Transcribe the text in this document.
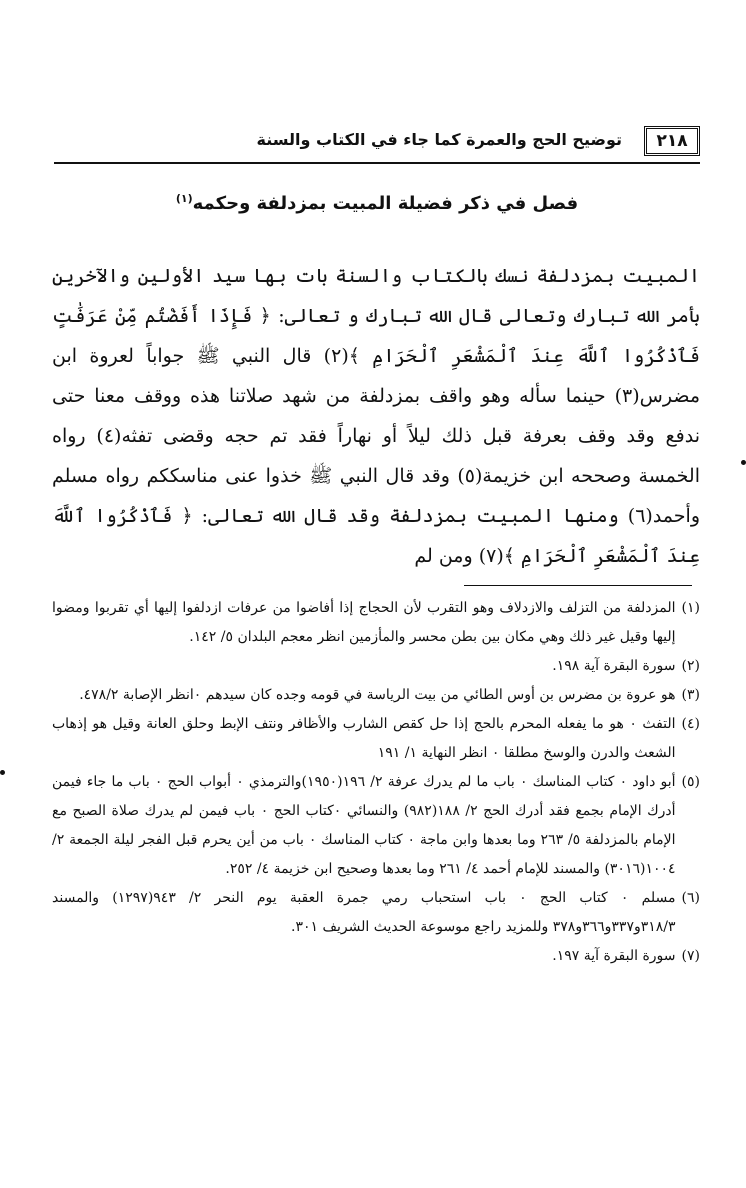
٢١٨
توضيح الحج والعمرة كما جاء في الكتاب والسنة
فصل في ذكر فضيلة المبيت بمزدلفة وحكمه$^{(١)}$

المبيت بمزدلفة نسك بالكتاب والسنة بات بها سيد الأولين والآخرين بأمر الله تبارك وتعالى قال الله تبارك و تعالى: ﴿ فَإِذَا أَفَضْتُم مِّنْ عَرَفَٰتٍ فَٱذْكُرُوا ٱللَّهَ عِندَ ٱلْمَشْعَرِ ٱلْحَرَامِ ﴾(٢) قال النبي ﷺ جواباً لعروة ابن مضرس(٣) حينما سأله وهو واقف بمزدلفة من شهد صلاتنا هذه ووقف معنا حتى ندفع وقد وقف بعرفة قبل ذلك ليلاً أو نهاراً فقد تم حجه وقضى تفثه(٤) رواه الخمسة وصححه ابن خزيمة(٥) وقد قال النبي ﷺ خذوا عنى مناسككم رواه مسلم وأحمد(٦) ومنها المبيت بمزدلفة وقد قال الله تعالى: ﴿ فَٱذْكُرُوا ٱللَّهَ عِندَ ٱلْمَشْعَرِ ٱلْحَرَامِ ﴾(٧) ومن لم

(١)
المزدلفة من التزلف والازدلاف وهو التقرب لأن الحجاج إذا أفاضوا من عرفات ازدلفوا إليها أي تقربوا ومضوا إليها وقيل غير ذلك وهي مكان بين بطن محسر والمأزمين انظر معجم البلدان ٥/ ١٤٢.
(٢)
سورة البقرة آية ١٩٨.
(٣)
هو عروة بن مضرس بن أوس الطائي من بيت الرياسة في قومه وجده كان سيدهم ٠انظر الإصابة ٤٧٨/٢.
(٤)
التفث ٠ هو ما يفعله المحرم بالحج إذا حل كقص الشارب والأظافر ونتف الإبط وحلق العانة وقيل هو إذهاب الشعث والدرن والوسخ مطلقا ٠ انظر النهاية ١/ ١٩١
(٥)
أبو داود ٠ كتاب المناسك ٠ باب ما لم يدرك عرفة ٢/ ١٩٦(١٩٥٠)والترمذي ٠ أبواب الحج ٠ باب ما جاء فيمن أدرك الإمام بجمع فقد أدرك الحج ٢/ ١٨٨(٩٨٢) والنسائي ٠كتاب الحج ٠ باب فيمن لم يدرك صلاة الصبح مع الإمام بالمزدلفة ٥/ ٢٦٣ وما بعدها وابن ماجة ٠ كتاب المناسك ٠ باب من أين يحرم قبل الفجر ليلة الجمعة ٢/ ١٠٠٤(٣٠١٦) والمسند للإمام أحمد ٤/ ٢٦١ وما بعدها وصحيح ابن خزيمة ٤/ ٢٥٢.
(٦)
مسلم ٠ كتاب الحج ٠ باب استحباب رمي جمرة العقبة يوم النحر ٢/ ٩٤٣(١٢٩٧) والمسند ٣١٨/٣و٣٣٧و٣٦٦و٣٧٨ وللمزيد راجع موسوعة الحديث الشريف ٣٠١.
(٧)
سورة البقرة آية ١٩٧.
